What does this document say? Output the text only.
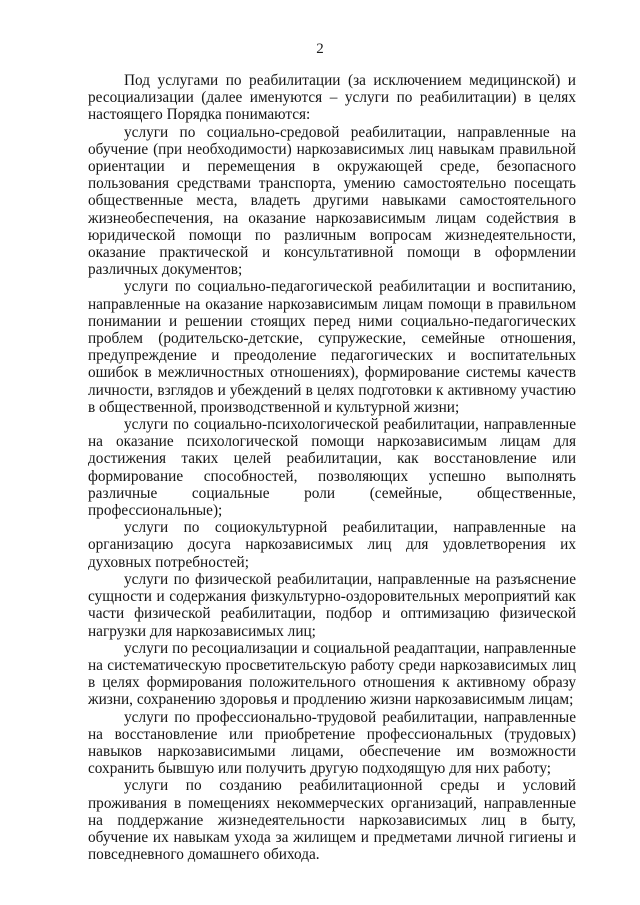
2

Под услугами по реабилитации (за исключением медицинской) и ресоциализации (далее именуются – услуги по реабилитации) в целях настоящего Порядка понимаются:

услуги по социально-средовой реабилитации, направленные на обучение (при необходимости) наркозависимых лиц навыкам правильной ориентации и перемещения в окружающей среде, безопасного пользования средствами транспорта, умению самостоятельно посещать общественные места, владеть другими навыками самостоятельного жизнеобеспечения, на оказание наркозависимым лицам содействия в юридической помощи по различным вопросам жизнедеятельности, оказание практической и консультативной помощи в оформлении различных документов;

услуги по социально-педагогической реабилитации и воспитанию, направленные на оказание наркозависимым лицам помощи в правильном понимании и решении стоящих перед ними социально-педагогических проблем (родительско-детские, супружеские, семейные отношения, предупреждение и преодоление педагогических и воспитательных ошибок в межличностных отношениях), формирование системы качеств личности, взглядов и убеждений в целях подготовки к активному участию в общественной, производственной и культурной жизни;

услуги по социально-психологической реабилитации, направленные на оказание психологической помощи наркозависимым лицам для достижения таких целей реабилитации, как восстановление или формирование способностей, позволяющих успешно выполнять различные социальные роли (семейные, общественные, профессиональные);

услуги по социокультурной реабилитации, направленные на организацию досуга наркозависимых лиц для удовлетворения их духовных потребностей;

услуги по физической реабилитации, направленные на разъяснение сущности и содержания физкультурно-оздоровительных мероприятий как части физической реабилитации, подбор и оптимизацию физической нагрузки для наркозависимых лиц;

услуги по ресоциализации и социальной реадаптации, направленные на систематическую просветительскую работу среди наркозависимых лиц в целях формирования положительного отношения к активному образу жизни, сохранению здоровья и продлению жизни наркозависимым лицам;

услуги по профессионально-трудовой реабилитации, направленные на восстановление или приобретение профессиональных (трудовых) навыков наркозависимыми лицами, обеспечение им возможности сохранить бывшую или получить другую подходящую для них работу;

услуги по созданию реабилитационной среды и условий проживания в помещениях некоммерческих организаций, направленные на поддержание жизнедеятельности наркозависимых лиц в быту, обучение их навыкам ухода за жилищем и предметами личной гигиены и повседневного домашнего обихода.
